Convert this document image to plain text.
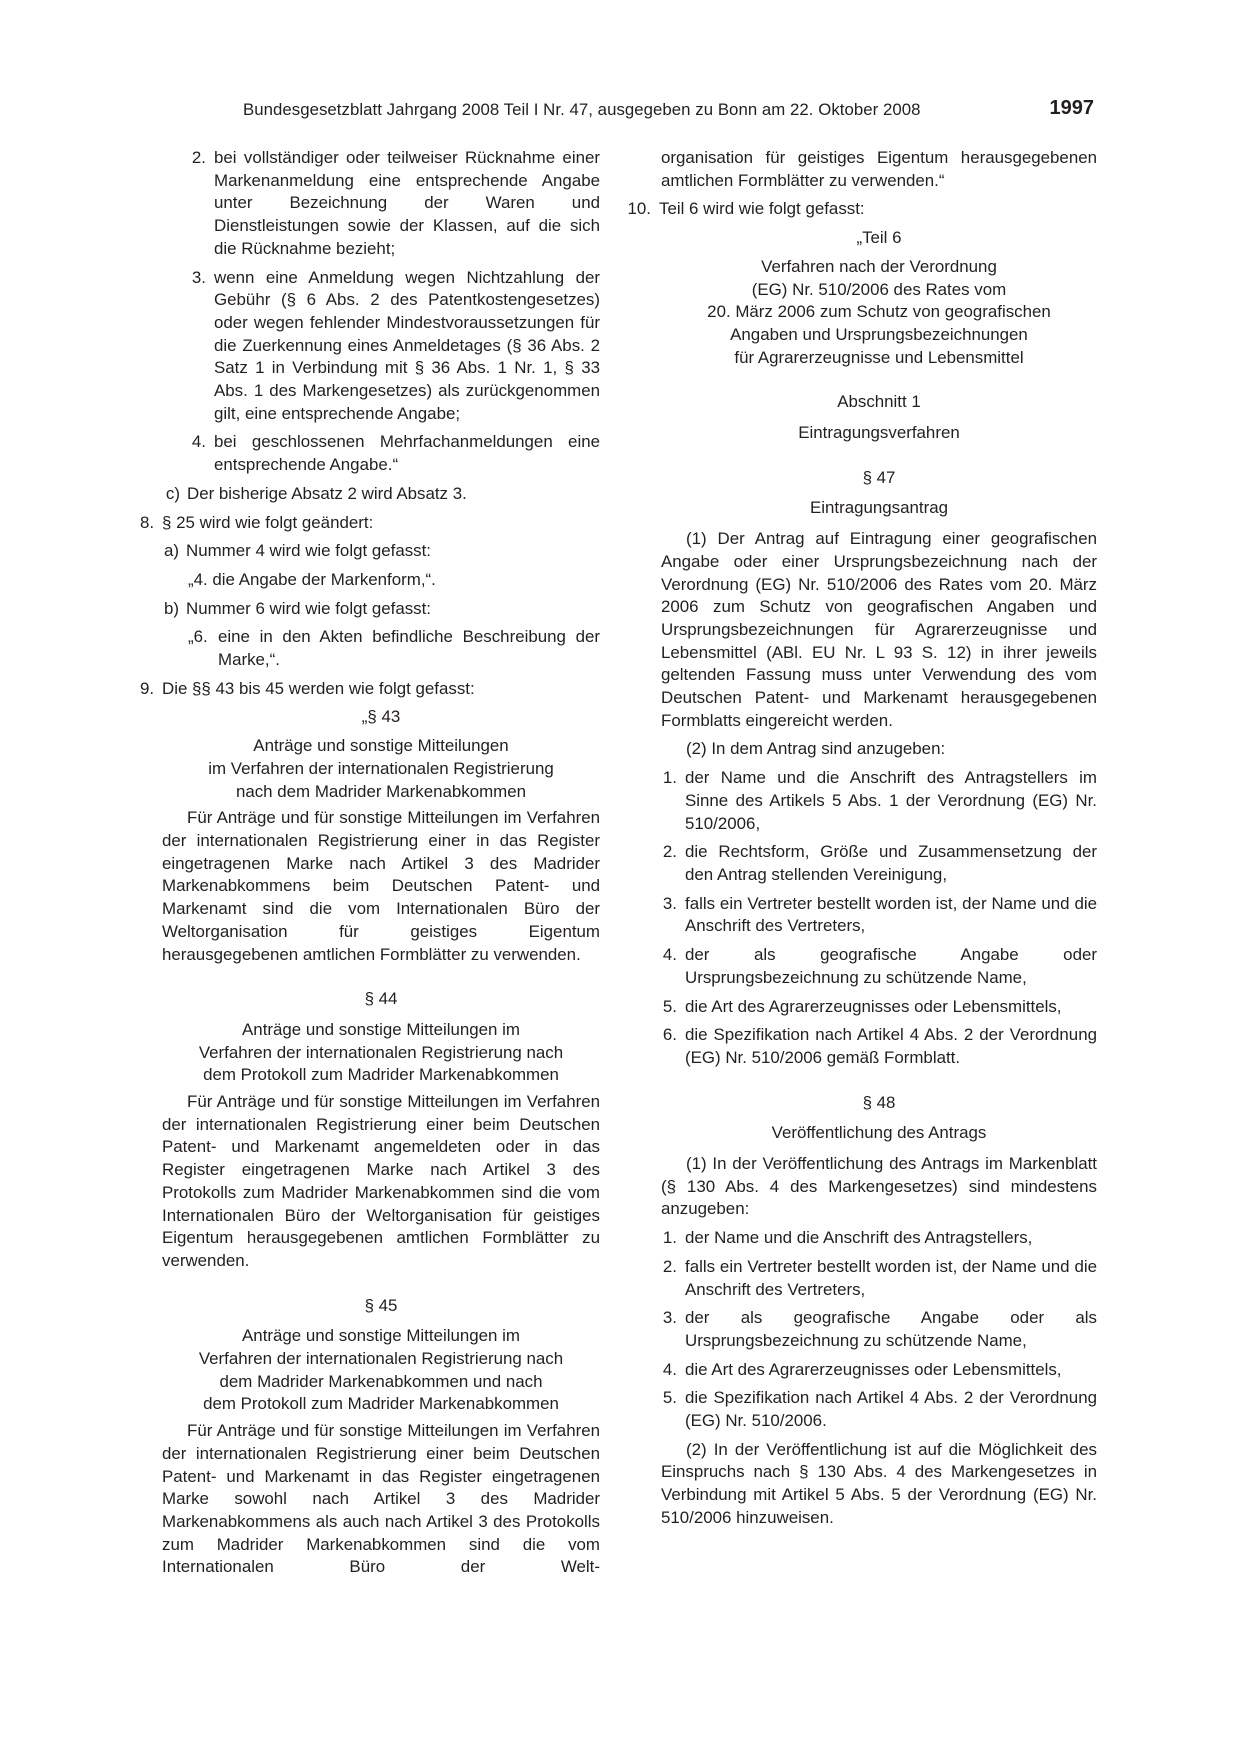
Bundesgesetzblatt Jahrgang 2008 Teil I Nr. 47, ausgegeben zu Bonn am 22. Oktober 2008	1997
2. bei vollständiger oder teilweiser Rücknahme einer Markenanmeldung eine entsprechende Angabe unter Bezeichnung der Waren und Dienstleistungen sowie der Klassen, auf die sich die Rücknahme bezieht;
3. wenn eine Anmeldung wegen Nichtzahlung der Gebühr (§ 6 Abs. 2 des Patentkostengesetzes) oder wegen fehlender Mindestvoraussetzungen für die Zuerkennung eines Anmeldetages (§ 36 Abs. 2 Satz 1 in Verbindung mit § 36 Abs. 1 Nr. 1, § 33 Abs. 1 des Markengesetzes) als zurückgenommen gilt, eine entsprechende Angabe;
4. bei geschlossenen Mehrfachanmeldungen eine entsprechende Angabe.“
c) Der bisherige Absatz 2 wird Absatz 3.
8. § 25 wird wie folgt geändert:
a) Nummer 4 wird wie folgt gefasst:

„4. die Angabe der Markenform,“.

b) Nummer 6 wird wie folgt gefasst:
„6. eine in den Akten befindliche Beschreibung der Marke,“.
9. Die §§ 43 bis 45 werden wie folgt gefasst:

„§ 43

Anträge und sonstige Mitteilungen

im Verfahren der internationalen Registrierung

nach dem Madrider Markenabkommen

Für Anträge und für sonstige Mitteilungen im Verfahren der internationalen Registrierung einer in das Register eingetragenen Marke nach Artikel 3 des Madrider Markenabkommens beim Deutschen Patent- und Markenamt sind die vom Internationalen Büro der Weltorganisation für geistiges Eigentum herausgegebenen amtlichen Formblätter zu verwenden.

§ 44

Anträge und sonstige Mitteilungen im

Verfahren der internationalen Registrierung nach

dem Protokoll zum Madrider Markenabkommen

Für Anträge und für sonstige Mitteilungen im Verfahren der internationalen Registrierung einer beim Deutschen Patent- und Markenamt angemeldeten oder in das Register eingetragenen Marke nach Artikel 3 des Protokolls zum Madrider Markenabkommen sind die vom Internationalen Büro der Weltorganisation für geistiges Eigentum herausgegebenen amtlichen Formblätter zu verwenden.

§ 45

Anträge und sonstige Mitteilungen im

Verfahren der internationalen Registrierung nach

dem Madrider Markenabkommen und nach

dem Protokoll zum Madrider Markenabkommen

Für Anträge und für sonstige Mitteilungen im Verfahren der internationalen Registrierung einer beim Deutschen Patent- und Markenamt in das Register eingetragenen Marke sowohl nach Artikel 3 des Madrider Markenabkommens als auch nach Artikel 3 des Protokolls zum Madrider Markenabkommen sind die vom Internationalen Büro der Welt-

organisation für geistiges Eigentum herausgegebenen amtlichen Formblätter zu verwenden.“

10. Teil 6 wird wie folgt gefasst:

„Teil 6

Verfahren nach der Verordnung

(EG) Nr. 510/2006 des Rates vom

20. März 2006 zum Schutz von geografischen

Angaben und Ursprungsbezeichnungen

für Agrarerzeugnisse und Lebensmittel

Abschnitt 1

Eintragungsverfahren

§ 47

Eintragungsantrag

(1) Der Antrag auf Eintragung einer geografischen Angabe oder einer Ursprungsbezeichnung nach der Verordnung (EG) Nr. 510/2006 des Rates vom 20. März 2006 zum Schutz von geografischen Angaben und Ursprungsbezeichnungen für Agrarerzeugnisse und Lebensmittel (ABl. EU Nr. L 93 S. 12) in ihrer jeweils geltenden Fassung muss unter Verwendung des vom Deutschen Patent- und Markenamt herausgegebenen Formblatts eingereicht werden.

(2) In dem Antrag sind anzugeben:

1. der Name und die Anschrift des Antragstellers im Sinne des Artikels 5 Abs. 1 der Verordnung (EG) Nr. 510/2006,
2. die Rechtsform, Größe und Zusammensetzung der den Antrag stellenden Vereinigung,
3. falls ein Vertreter bestellt worden ist, der Name und die Anschrift des Vertreters,
4. der als geografische Angabe oder Ursprungsbezeichnung zu schützende Name,
5. die Art des Agrarerzeugnisses oder Lebensmittels,
6. die Spezifikation nach Artikel 4 Abs. 2 der Verordnung (EG) Nr. 510/2006 gemäß Formblatt.

§ 48

Veröffentlichung des Antrags

(1) In der Veröffentlichung des Antrags im Markenblatt (§ 130 Abs. 4 des Markengesetzes) sind mindestens anzugeben:

1. der Name und die Anschrift des Antragstellers,
2. falls ein Vertreter bestellt worden ist, der Name und die Anschrift des Vertreters,
3. der als geografische Angabe oder als Ursprungsbezeichnung zu schützende Name,
4. die Art des Agrarerzeugnisses oder Lebensmittels,
5. die Spezifikation nach Artikel 4 Abs. 2 der Verordnung (EG) Nr. 510/2006.

(2) In der Veröffentlichung ist auf die Möglichkeit des Einspruchs nach § 130 Abs. 4 des Markengesetzes in Verbindung mit Artikel 5 Abs. 5 der Verordnung (EG) Nr. 510/2006 hinzuweisen.
